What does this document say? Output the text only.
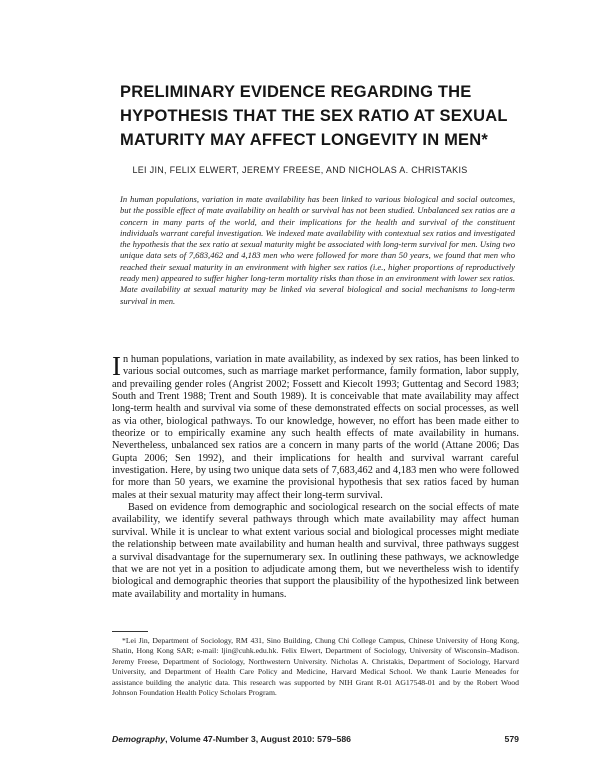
PRELIMINARY EVIDENCE REGARDING THE
HYPOTHESIS THAT THE SEX RATIO AT SEXUAL
MATURITY MAY AFFECT LONGEVITY IN MEN*
LEI JIN, FELIX ELWERT, JEREMY FREESE, AND NICHOLAS A. CHRISTAKIS
In human populations, variation in mate availability has been linked to various biological and social outcomes, but the possible effect of mate availability on health or survival has not been studied. Unbalanced sex ratios are a concern in many parts of the world, and their implications for the health and survival of the constituent individuals warrant careful investigation. We indexed mate availability with contextual sex ratios and investigated the hypothesis that the sex ratio at sexual maturity might be associated with long-term survival for men. Using two unique data sets of 7,683,462 and 4,183 men who were followed for more than 50 years, we found that men who reached their sexual maturity in an environment with higher sex ratios (i.e., higher proportions of reproductively ready men) appeared to suffer higher long-term mortality risks than those in an environment with lower sex ratios. Mate availability at sexual maturity may be linked via several biological and social mechanisms to long-term survival in men.

In human populations, variation in mate availability, as indexed by sex ratios, has been linked to various social outcomes, such as marriage market performance, family formation, labor supply, and prevailing gender roles (Angrist 2002; Fossett and Kiecolt 1993; Guttentag and Secord 1983; South and Trent 1988; Trent and South 1989). It is conceivable that mate availability may affect long-term health and survival via some of these demonstrated effects on social processes, as well as via other, biological pathways. To our knowledge, however, no effort has been made either to theorize or to empirically examine any such health effects of mate availability in humans. Nevertheless, unbalanced sex ratios are a concern in many parts of the world (Attane 2006; Das Gupta 2006; Sen 1992), and their implications for health and survival warrant careful investigation. Here, by using two unique data sets of 7,683,462 and 4,183 men who were followed for more than 50 years, we examine the provisional hypothesis that sex ratios faced by human males at their sexual maturity may affect their long-term survival.

Based on evidence from demographic and sociological research on the social effects of mate availability, we identify several pathways through which mate availability may affect human survival. While it is unclear to what extent various social and biological processes might mediate the relationship between mate availability and human health and survival, three pathways suggest a survival disadvantage for the supernumerary sex. In outlining these pathways, we acknowledge that we are not yet in a position to adjudicate among them, but we nevertheless wish to identify biological and demographic theories that support the plausibility of the hypothesized link between mate availability and mortality in humans.

*Lei Jin, Department of Sociology, RM 431, Sino Building, Chung Chi College Campus, Chinese University of Hong Kong, Shatin, Hong Kong SAR; e-mail: ljin@cuhk.edu.hk. Felix Elwert, Department of Sociology, University of Wisconsin–Madison. Jeremy Freese, Department of Sociology, Northwestern University. Nicholas A. Christakis, Department of Sociology, Harvard University, and Department of Health Care Policy and Medicine, Harvard Medical School. We thank Laurie Meneades for assistance building the analytic data. This research was supported by NIH Grant R-01 AG17548-01 and by the Robert Wood Johnson Foundation Health Policy Scholars Program.
Demography, Volume 47-Number 3, August 2010: 579–586	579
